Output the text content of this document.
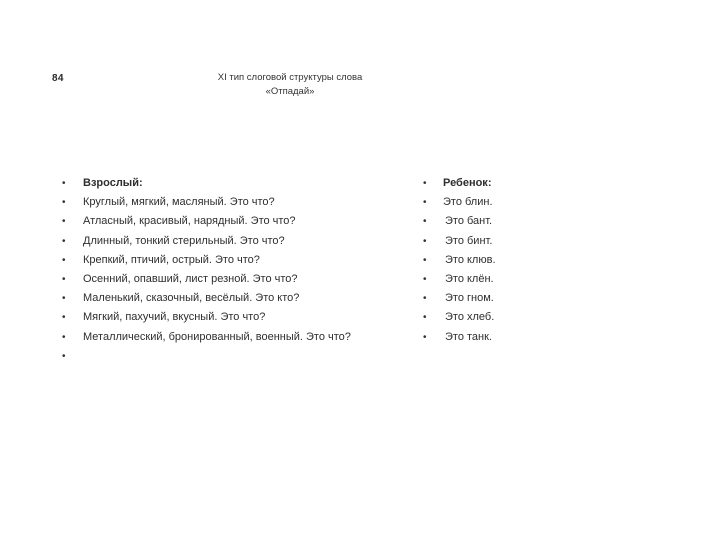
84	XI тип слоговой структуры слова
«Отпадай»
• Взрослый:
• Круглый, мягкий, масляный. Это что?
• Атласный, красивый, нарядный. Это что?
• Длинный, тонкий стерильный. Это что?
• Крепкий, птичий, острый. Это что?
• Осенний, опавший, лист резной. Это что?
• Маленький, сказочный, весёлый. Это кто?
• Мягкий, пахучий, вкусный. Это что?
• Металлический, бронированный, военный. Это что?
•
• Ребенок:
• Это блин.
• Это бант.
• Это бинт.
• Это клюв.
• Это клён.
• Это гном.
• Это хлеб.
• Это танк.
